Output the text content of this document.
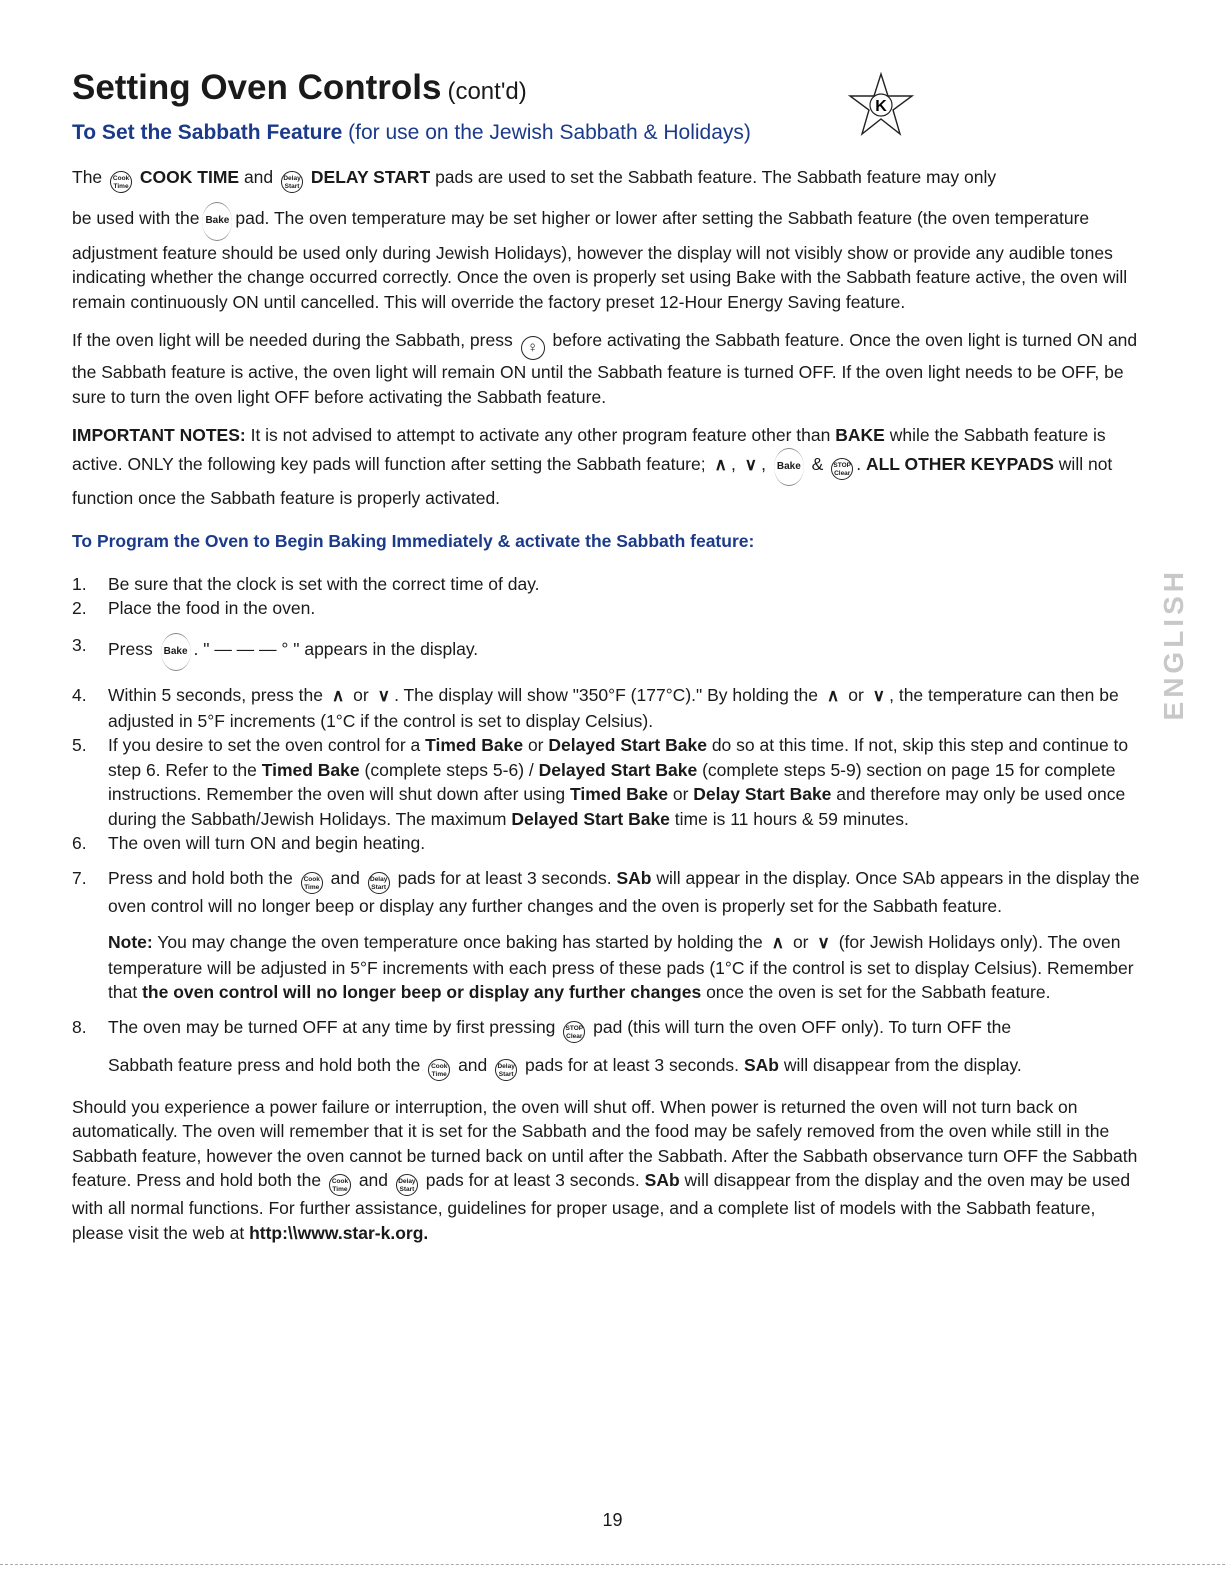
K
Setting Oven Controls (cont'd)
To Set the Sabbath Feature (for use on the Jewish Sabbath & Holidays)

The Cook
Time COOK TIME and Delay
Start DELAY START pads are used to set the Sabbath feature. The Sabbath feature may only

be used with the Bake pad. The oven temperature may be set higher or lower after setting the Sabbath feature (the oven temperature adjustment feature should be used only during Jewish Holidays), however the display will not visibly show or provide any audible tones indicating whether the change occurred correctly. Once the oven is properly set using Bake with the Sabbath feature active, the oven will remain continuously ON until cancelled. This will override the factory preset 12-Hour Energy Saving feature.

If the oven light will be needed during the Sabbath, press ♀ before activating the Sabbath feature. Once the oven light is turned ON and the Sabbath feature is active, the oven light will remain ON until the Sabbath feature is turned OFF. If the oven light needs to be OFF, be sure to turn the oven light OFF before activating the Sabbath feature.

IMPORTANT NOTES: It is not advised to attempt to activate any other program feature other than BAKE while the Sabbath feature is active. ONLY the following key pads will function after setting the Sabbath feature; ∧ , ∨ , Bake & STOP
Clear . ALL OTHER KEYPADS will not function once the Sabbath feature is properly activated.

To Program the Oven to Begin Baking Immediately & activate the Sabbath feature:
1. Be sure that the clock is set with the correct time of day.
2. Place the food in the oven.
3. Press Bake . " — — — ° " appears in the display.
4. Within 5 seconds, press the ∧ or ∨ . The display will show "350°F (177°C)." By holding the ∧ or ∨ , the temperature can then be adjusted in 5°F increments (1°C if the control is set to display Celsius).
5. If you desire to set the oven control for a Timed Bake or Delayed Start Bake do so at this time. If not, skip this step and continue to step 6. Refer to the Timed Bake (complete steps 5-6) / Delayed Start Bake (complete steps 5-9) section on page 15 for complete instructions. Remember the oven will shut down after using Timed Bake or Delay Start Bake and therefore may only be used once during the Sabbath/Jewish Holidays. The maximum Delayed Start Bake time is 11 hours & 59 minutes.
6. The oven will turn ON and begin heating.
7. Press and hold both the Cook
Time and Delay
Start pads for at least 3 seconds. SAb will appear in the display. Once SAb appears in the display the oven control will no longer beep or display any further changes and the oven is properly set for the Sabbath feature.
Note: You may change the oven temperature once baking has started by holding the ∧ or ∨ (for Jewish Holidays only). The oven temperature will be adjusted in 5°F increments with each press of these pads (1°C if the control is set to display Celsius). Remember that the oven control will no longer beep or display any further changes once the oven is set for the Sabbath feature.
8. The oven may be turned OFF at any time by first pressing STOP
Clear pad (this will turn the oven OFF only). To turn OFF the
Sabbath feature press and hold both the Cook
Time and Delay
Start pads for at least 3 seconds. SAb will disappear from the display.

Should you experience a power failure or interruption, the oven will shut off. When power is returned the oven will not turn back on automatically. The oven will remember that it is set for the Sabbath and the food may be safely removed from the oven while still in the Sabbath feature, however the oven cannot be turned back on until after the Sabbath. After the Sabbath observance turn OFF the Sabbath feature. Press and hold both the Cook
Time and Delay
Start pads for at least 3 seconds. SAb will disappear from the display and the oven may be used with all normal functions. For further assistance, guidelines for proper usage, and a complete list of models with the Sabbath feature, please visit the web at http:\\www.star-k.org.

ENGLISH
19
